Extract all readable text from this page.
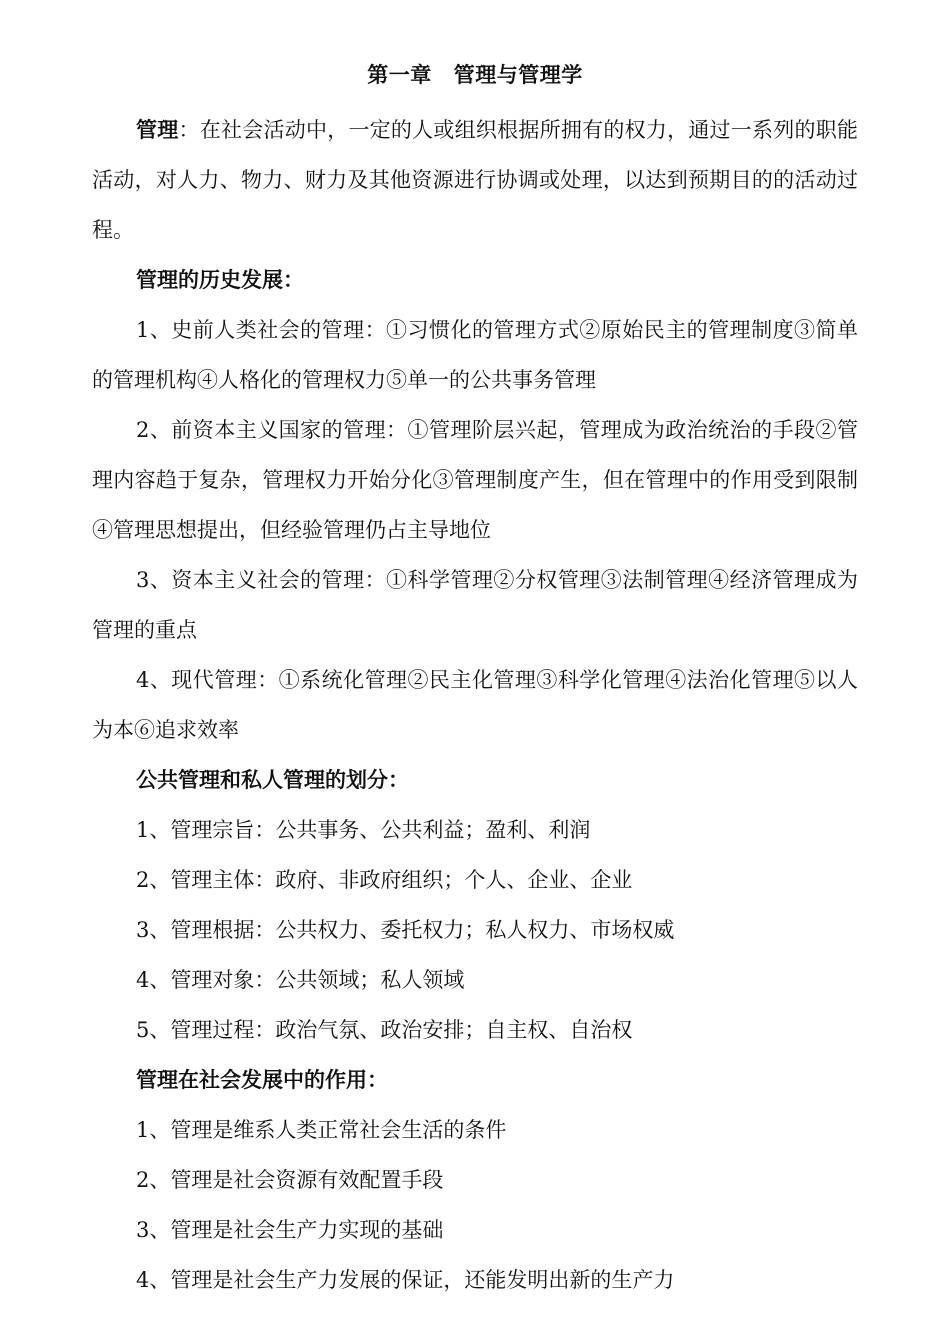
第一章 管理与管理学

管理：在社会活动中，一定的人或组织根据所拥有的权力，通过一系列的职能活动，对人力、物力、财力及其他资源进行协调或处理，以达到预期目的的活动过程。

管理的历史发展：

1、史前人类社会的管理：①习惯化的管理方式②原始民主的管理制度③简单的管理机构④人格化的管理权力⑤单一的公共事务管理

2、前资本主义国家的管理：①管理阶层兴起，管理成为政治统治的手段②管理内容趋于复杂，管理权力开始分化③管理制度产生，但在管理中的作用受到限制④管理思想提出，但经验管理仍占主导地位

3、资本主义社会的管理：①科学管理②分权管理③法制管理④经济管理成为管理的重点

4、现代管理：①系统化管理②民主化管理③科学化管理④法治化管理⑤以人为本⑥追求效率

公共管理和私人管理的划分：

1、管理宗旨：公共事务、公共利益；盈利、利润

2、管理主体：政府、非政府组织；个人、企业、企业

3、管理根据：公共权力、委托权力；私人权力、市场权威

4、管理对象：公共领域；私人领域

5、管理过程：政治气氛、政治安排；自主权、自治权

管理在社会发展中的作用：

1、管理是维系人类正常社会生活的条件

2、管理是社会资源有效配置手段

3、管理是社会生产力实现的基础

4、管理是社会生产力发展的保证，还能发明出新的生产力
